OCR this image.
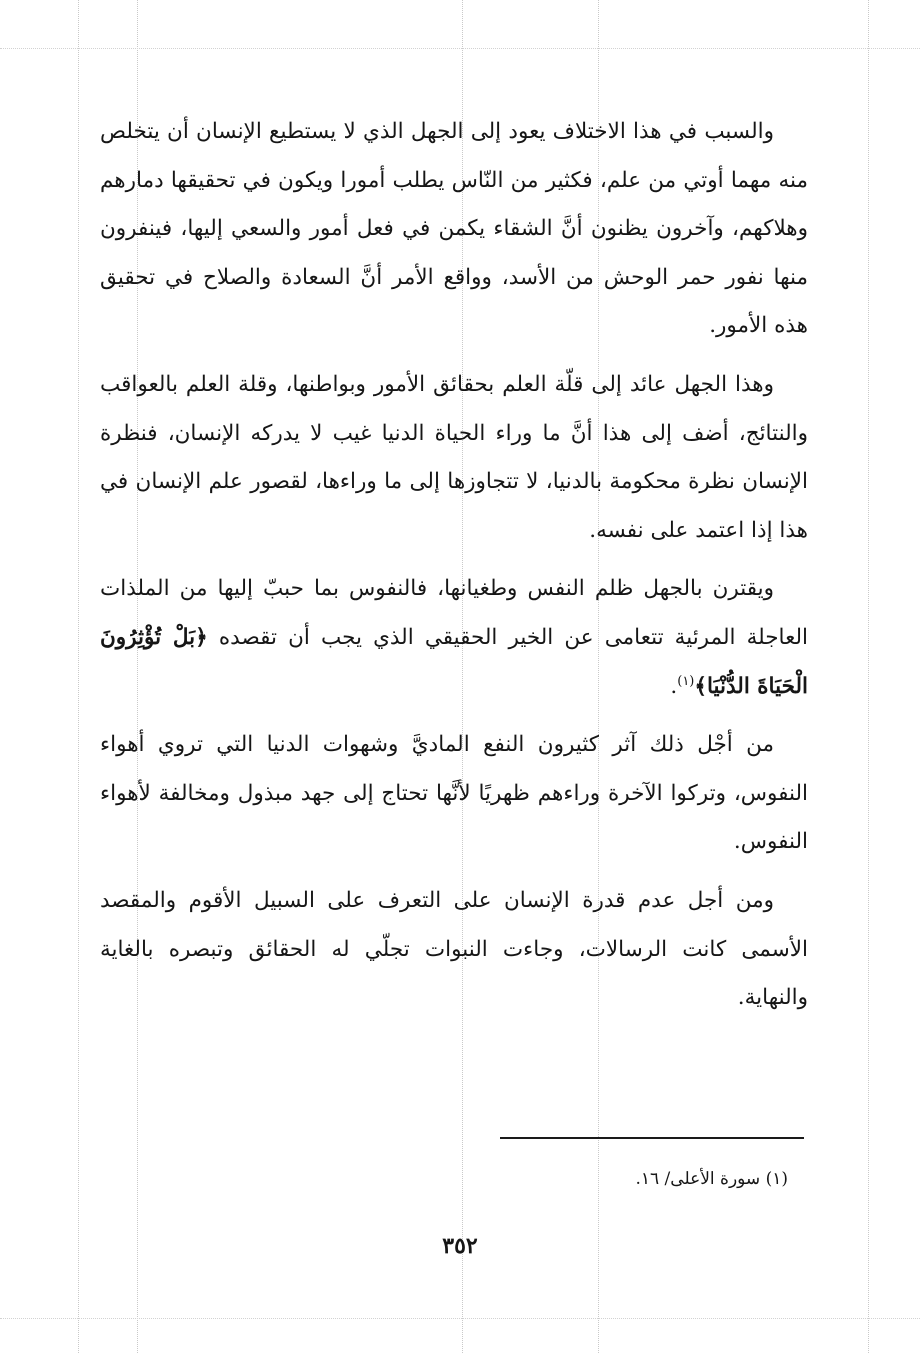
والسبب في هذا الاختلاف يعود إلى الجهل الذي لا يستطيع الإنسان أن يتخلص منه مهما أوتي من علم، فكثير من النّاس يطلب أمورا ويكون في تحقيقها دمارهم وهلاكهم، وآخرون يظنون أنَّ الشقاء يكمن في فعل أمور والسعي إليها، فينفرون منها نفور حمر الوحش من الأسد، وواقع الأمر أنَّ السعادة والصلاح في تحقيق هذه الأمور.

وهذا الجهل عائد إلى قلّة العلم بحقائق الأمور وبواطنها، وقلة العلم بالعواقب والنتائج، أضف إلى هذا أنَّ ما وراء الحياة الدنيا غيب لا يدركه الإنسان، فنظرة الإنسان نظرة محكومة بالدنيا، لا تتجاوزها إلى ما وراءها، لقصور علم الإنسان في هذا إذا اعتمد على نفسه.

ويقترن بالجهل ظلم النفس وطغيانها، فالنفوس بما حببّ إليها من الملذات العاجلة المرئية تتعامى عن الخير الحقيقي الذي يجب أن تقصده ﴿بَلْ تُؤْثِرُونَ الْحَيَاةَ الدُّنْيَا﴾$^{(١)}$.

من أجْل ذلك آثر كثيرون النفع الماديَّ وشهوات الدنيا التي تروي أهواء النفوس، وتركوا الآخرة وراءهم ظهريًا لأنَّها تحتاج إلى جهد مبذول ومخالفة لأهواء النفوس.

ومن أجل عدم قدرة الإنسان على التعرف على السبيل الأقوم والمقصد الأسمى كانت الرسالات، وجاءت النبوات تجلّي له الحقائق وتبصره بالغاية والنهاية.

(١) سورة الأعلى/ ١٦.
٣٥٢
